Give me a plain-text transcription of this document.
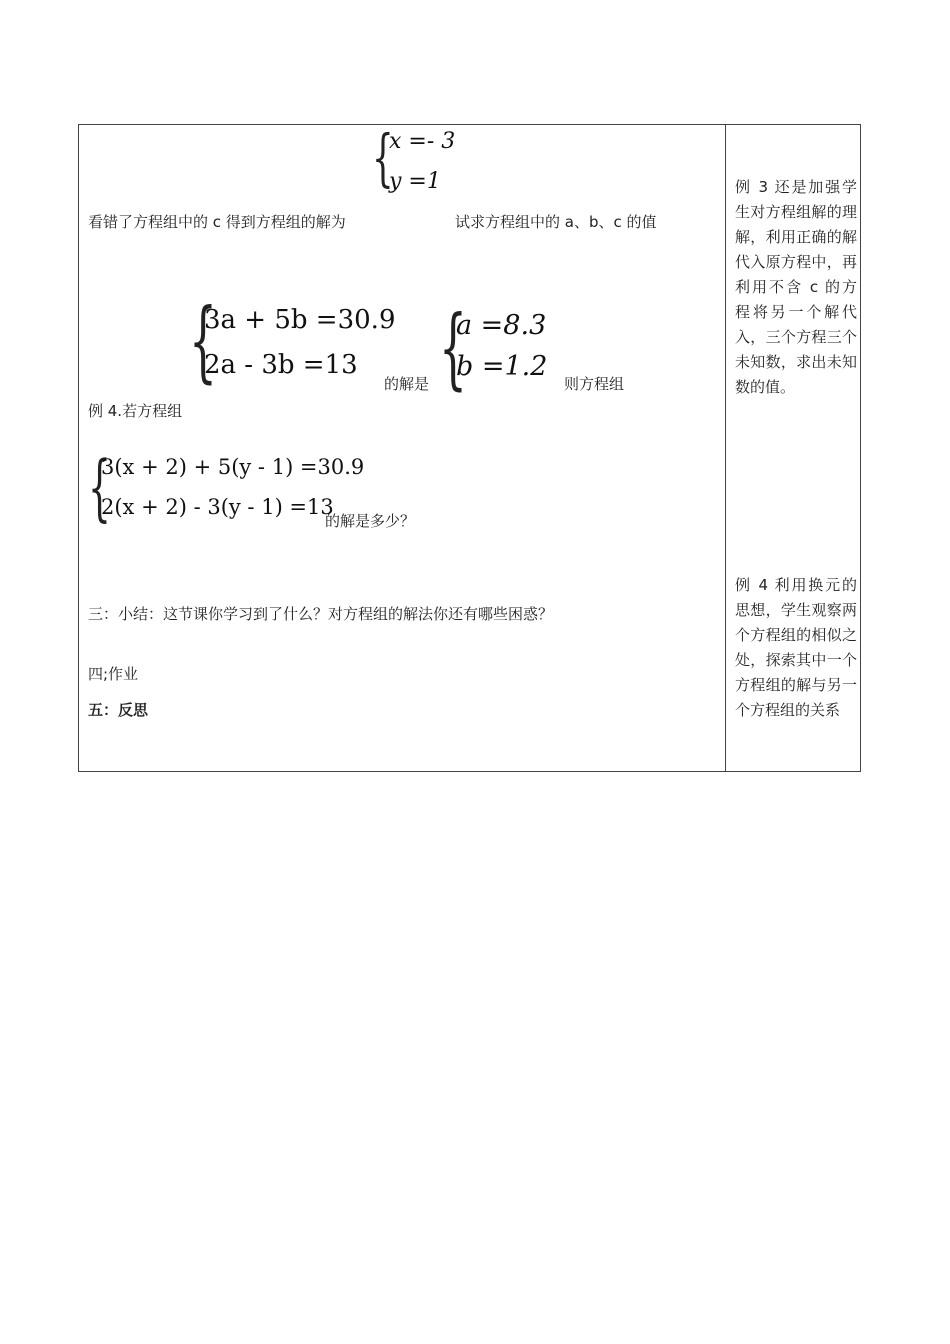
{
x =- 3
y =1
看错了方程组中的 c 得到方程组的解为	试求方程组中的 a、b、c 的值
{
3a + 5b =30.9
2a - 3b =13
的解是 {
a =8.3
b =1.2
则方程组
例 4.若方程组
{
3(x + 2) + 5(y - 1) =30.9
2(x + 2) - 3(y - 1) =13
的解是多少？
三：小结：这节课你学习到了什么？对方程组的解法你还有哪些困惑？
四;作业
五：反思
例 3 还是加强学生对方程组解的理解，利用正确的解代入原方程中，再利用不含 c 的方程将另一个解代入，三个方程三个未知数，求出未知数的值。
例 4 利用换元的思想，学生观察两个方程组的相似之处，探索其中一个方程组的解与另一个方程组的关系
